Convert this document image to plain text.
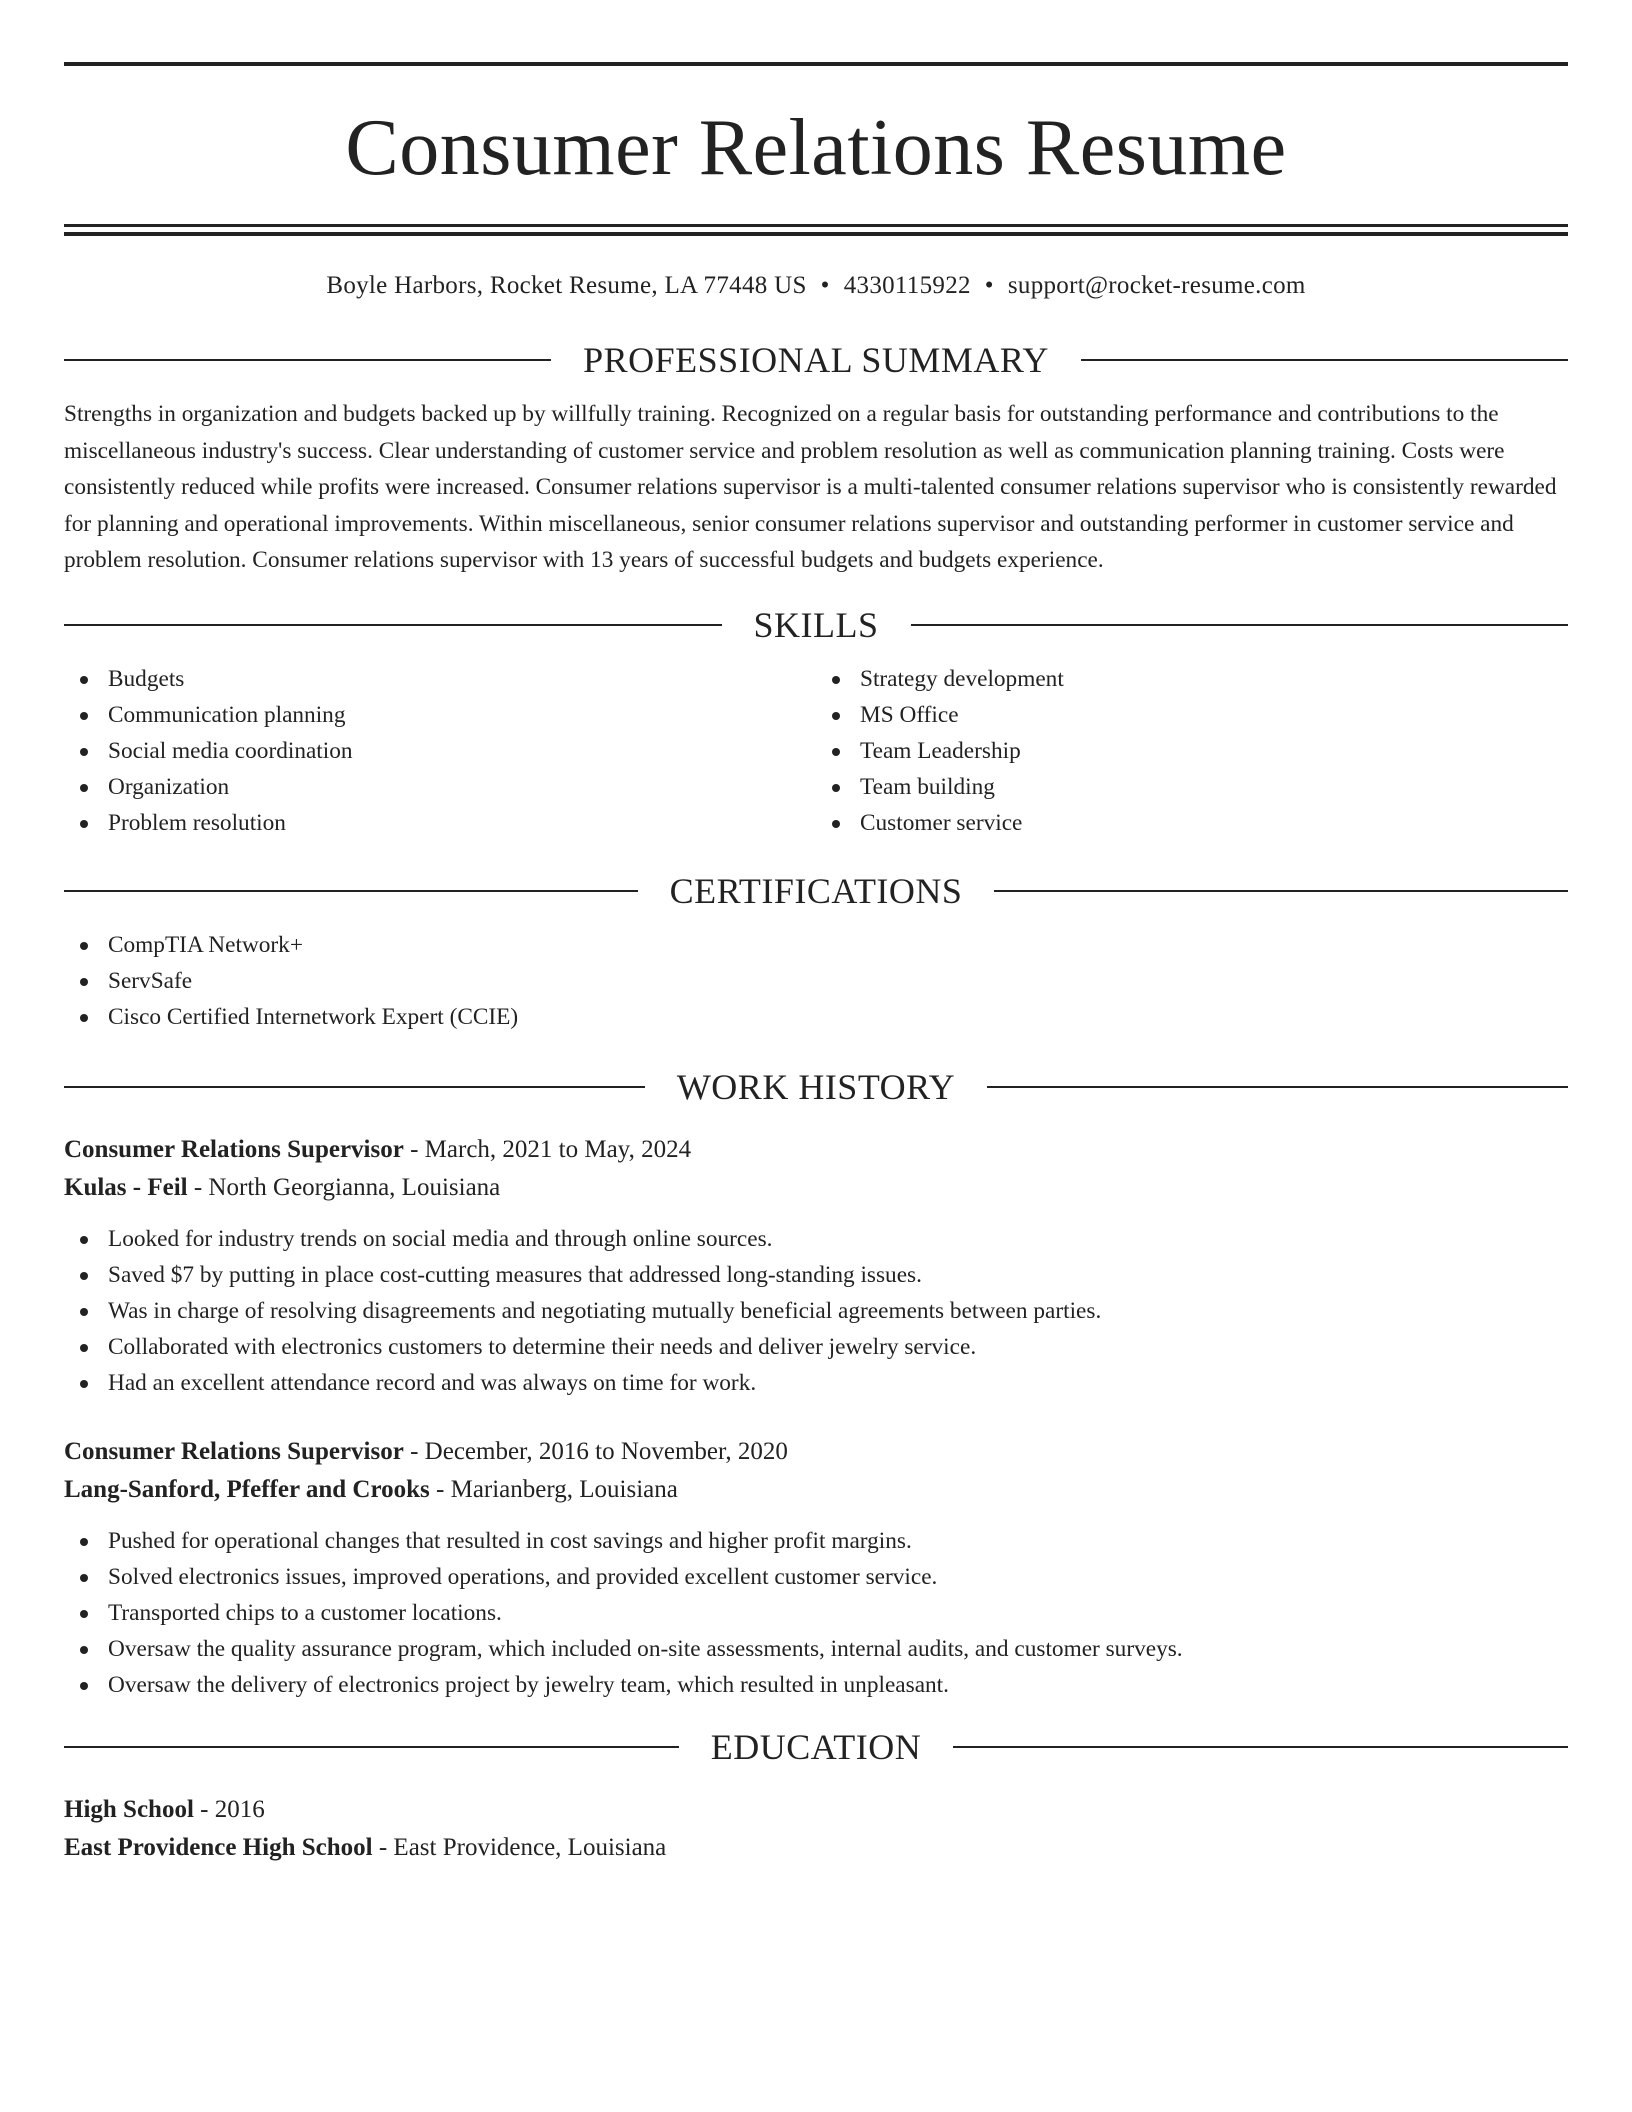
Consumer Relations Resume
Boyle Harbors, Rocket Resume, LA 77448 US • 4330115922 • support@rocket-resume.com
PROFESSIONAL SUMMARY
Strengths in organization and budgets backed up by willfully training. Recognized on a regular basis for outstanding performance and contributions to the miscellaneous industry's success. Clear understanding of customer service and problem resolution as well as communication planning training. Costs were consistently reduced while profits were increased. Consumer relations supervisor is a multi-talented consumer relations supervisor who is consistently rewarded for planning and operational improvements. Within miscellaneous, senior consumer relations supervisor and outstanding performer in customer service and problem resolution. Consumer relations supervisor with 13 years of successful budgets and budgets experience.
SKILLS
Budgets
Communication planning
Social media coordination
Organization
Problem resolution
Strategy development
MS Office
Team Leadership
Team building
Customer service
CERTIFICATIONS
CompTIA Network+
ServSafe
Cisco Certified Internetwork Expert (CCIE)
WORK HISTORY
Consumer Relations Supervisor - March, 2021 to May, 2024
Kulas - Feil - North Georgianna, Louisiana
Looked for industry trends on social media and through online sources.
Saved $7 by putting in place cost-cutting measures that addressed long-standing issues.
Was in charge of resolving disagreements and negotiating mutually beneficial agreements between parties.
Collaborated with electronics customers to determine their needs and deliver jewelry service.
Had an excellent attendance record and was always on time for work.
Consumer Relations Supervisor - December, 2016 to November, 2020
Lang-Sanford, Pfeffer and Crooks - Marianberg, Louisiana
Pushed for operational changes that resulted in cost savings and higher profit margins.
Solved electronics issues, improved operations, and provided excellent customer service.
Transported chips to a customer locations.
Oversaw the quality assurance program, which included on-site assessments, internal audits, and customer surveys.
Oversaw the delivery of electronics project by jewelry team, which resulted in unpleasant.
EDUCATION
High School - 2016
East Providence High School - East Providence, Louisiana
